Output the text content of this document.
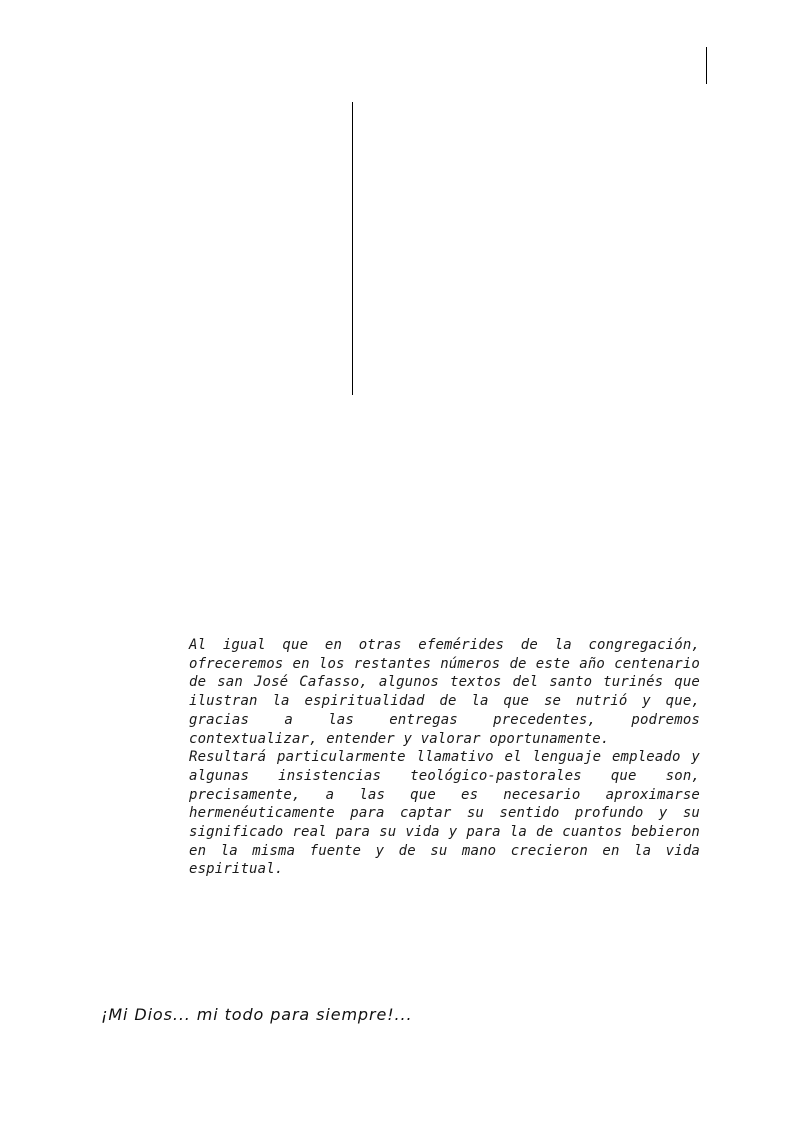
Al igual que en otras efemérides de la congregación, ofreceremos en los restantes números de este año centenario de san José Cafasso, algunos textos del santo turinés que ilustran la espiritualidad de la que se nutrió y que, gracias a las entregas precedentes, podremos contextualizar, entender y valorar oportunamente.

Resultará particularmente llamativo el lenguaje empleado y algunas insistencias teológico-pastorales que son, precisamente, a las que es necesario aproximarse hermenéuticamente para captar su sentido profundo y su significado real para su vida y para la de cuantos bebieron en la misma fuente y de su mano crecieron en la vida espiritual.

¡Mi Dios... mi todo para siempre!...
